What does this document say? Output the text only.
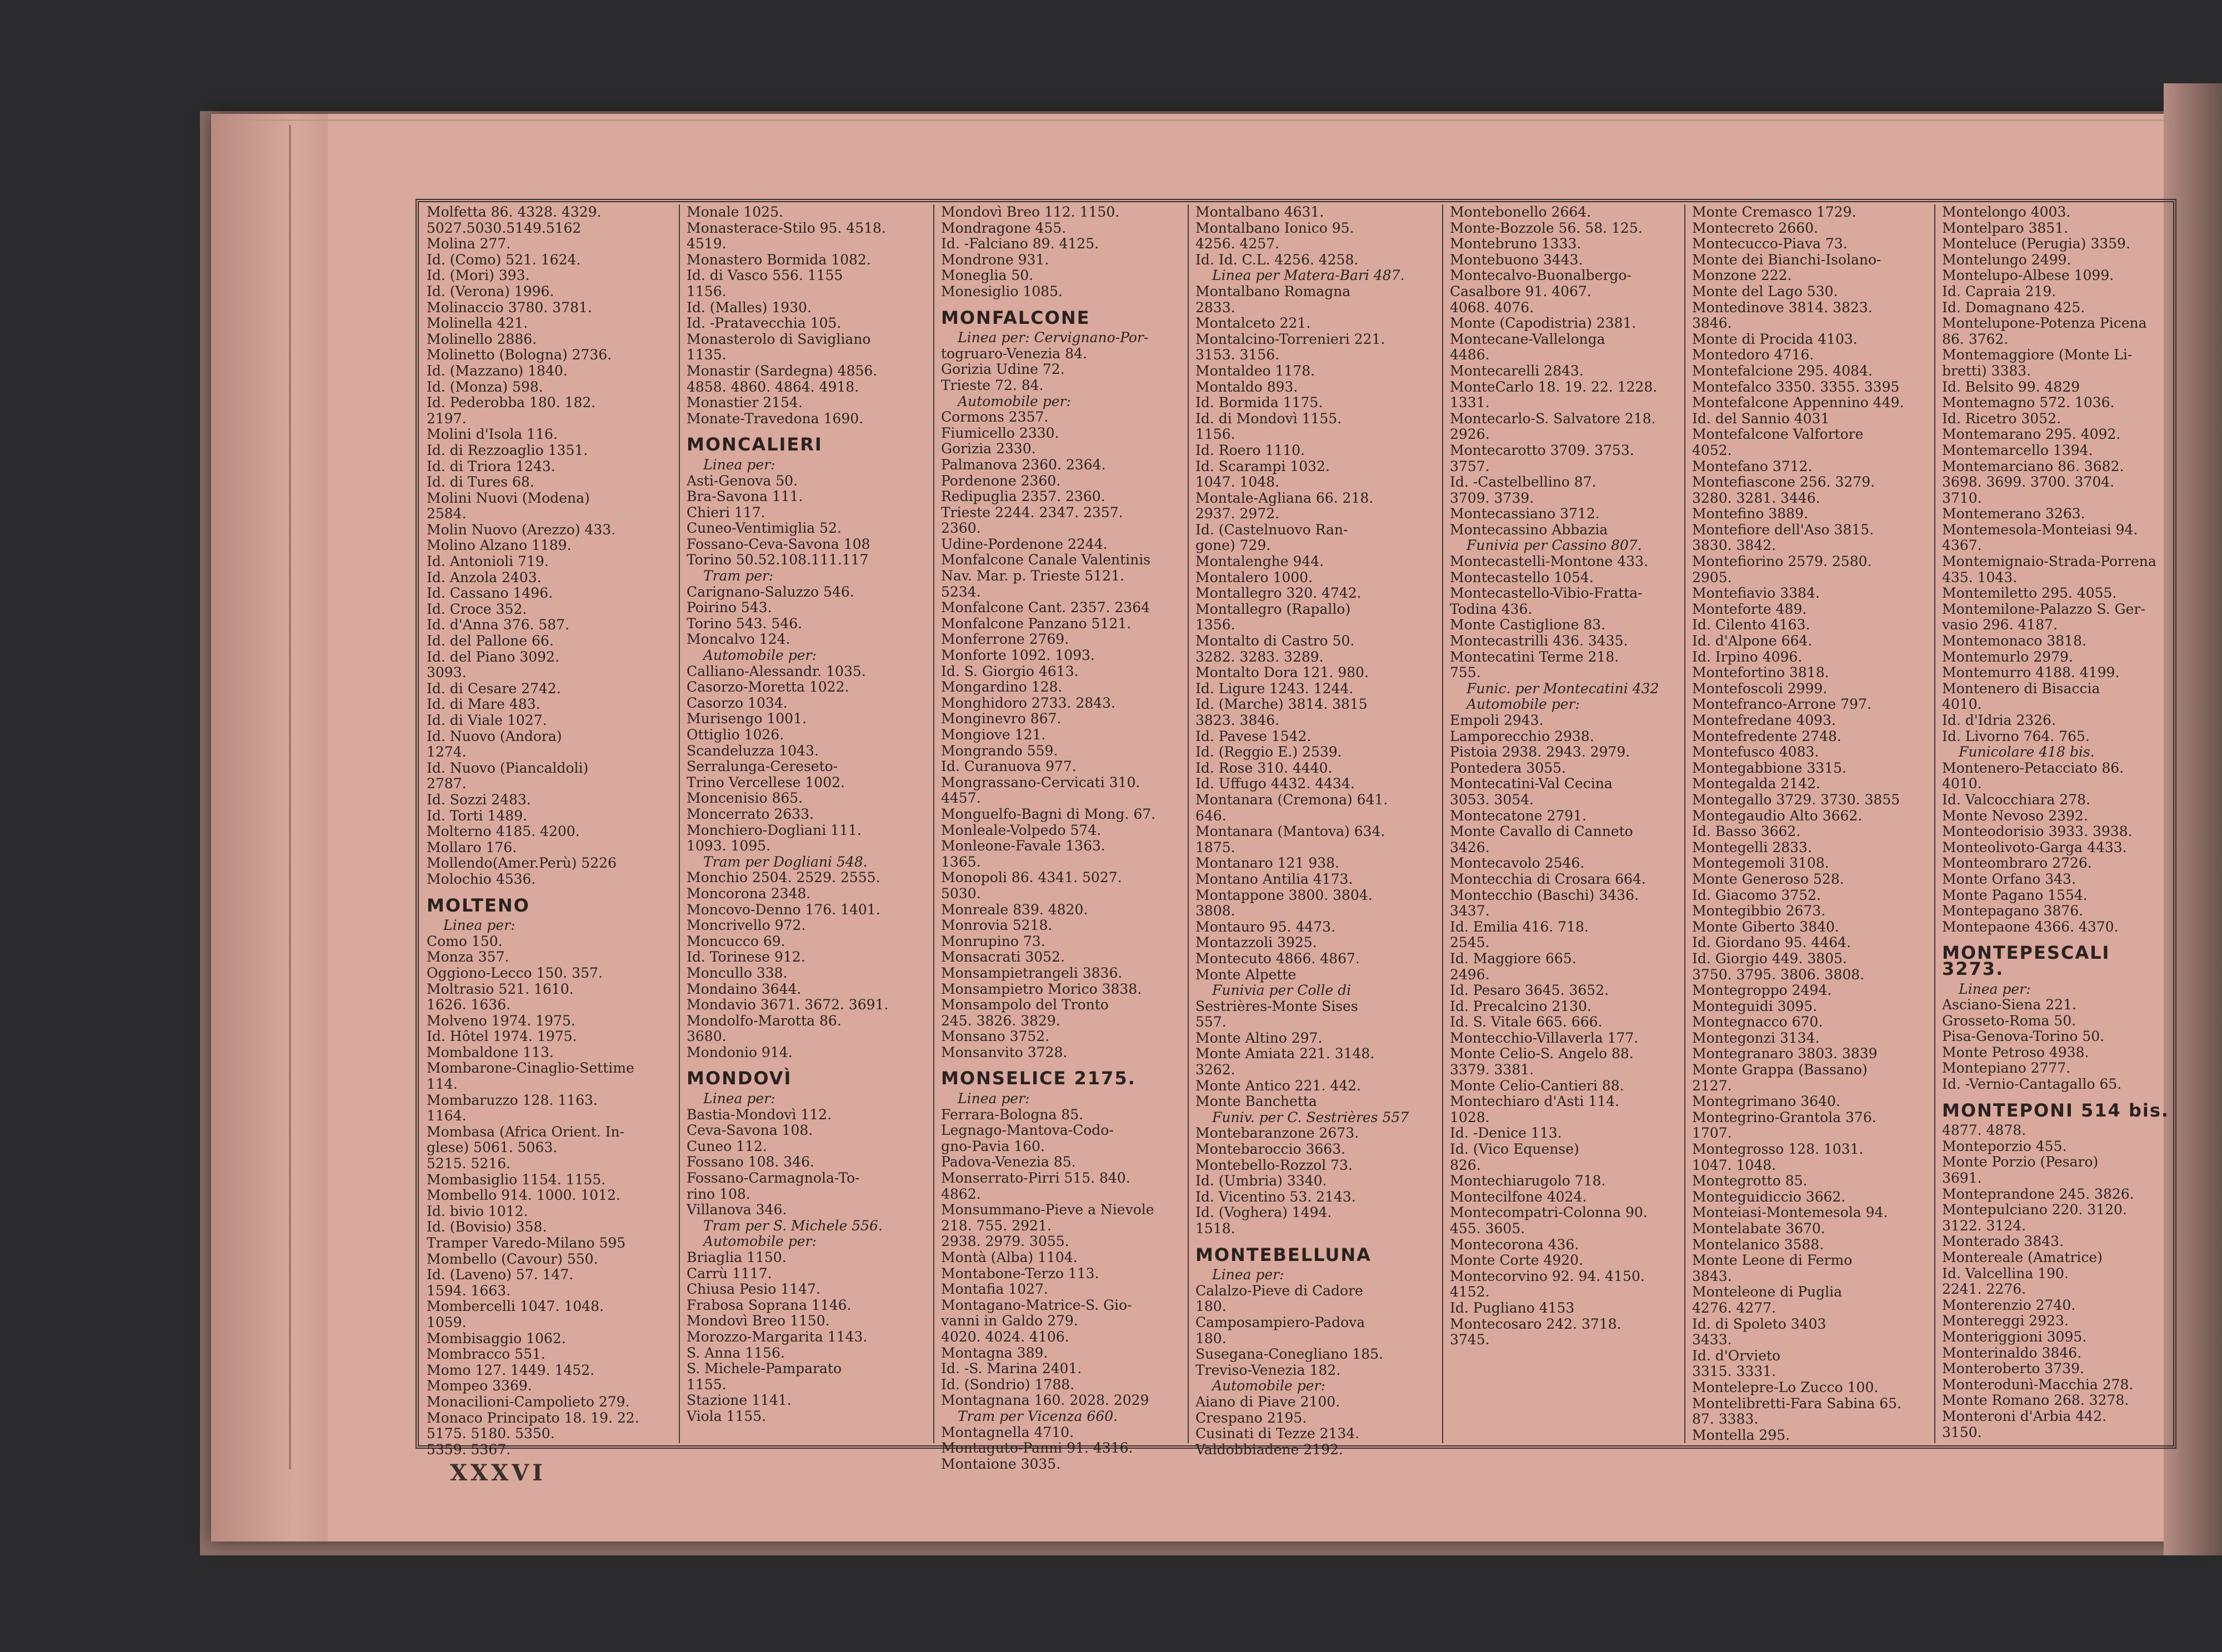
Molfetta 86. 4328. 4329.
5027.5030.5149.5162
Molina 277.
Id. (Como) 521. 1624.
Id. (Mori) 393.
Id. (Verona) 1996.
Molinaccio 3780. 3781.
Molinella 421.
Molinello 2886.
Molinetto (Bologna) 2736.
Id. (Mazzano) 1840.
Id. (Monza) 598.
Id. Pederobba 180. 182.
2197.
Molini d'Isola 116.
Id. di Rezzoaglio 1351.
Id. di Triora 1243.
Id. di Tures 68.
Molini Nuovi (Modena)
2584.
Molin Nuovo (Arezzo) 433.
Molino Alzano 1189.
Id. Antonioli 719.
Id. Anzola 2403.
Id. Cassano 1496.
Id. Croce 352.
Id. d'Anna 376. 587.
Id. del Pallone 66.
Id. del Piano 3092.
3093.
Id. di Cesare 2742.
Id. di Mare 483.
Id. di Viale 1027.
Id. Nuovo (Andora)
1274.
Id. Nuovo (Piancaldoli)
2787.
Id. Sozzi 2483.
Id. Torti 1489.
Molterno 4185. 4200.
Mollaro 176.
Mollendo(Amer.Perù) 5226
Molochio 4536.
MOLTENO
Linea per:
Como 150.
Monza 357.
Oggiono-Lecco 150. 357.
Moltrasio 521. 1610.
1626. 1636.
Molveno 1974. 1975.
Id. Hôtel 1974. 1975.
Mombaldone 113.
Mombarone-Cinaglio-Settime
114.
Mombaruzzo 128. 1163.
1164.
Mombasa (Africa Orient. In-
glese) 5061. 5063.
5215. 5216.
Mombasiglio 1154. 1155.
Mombello 914. 1000. 1012.
Id. bivio 1012.
Id. (Bovisio) 358.
Tramper Varedo-Milano 595
Mombello (Cavour) 550.
Id. (Laveno) 57. 147.
1594. 1663.
Mombercelli 1047. 1048.
1059.
Mombisaggio 1062.
Mombracco 551.
Momo 127. 1449. 1452.
Mompeo 3369.
Monacilioni-Campolieto 279.
Monaco Principato 18. 19. 22.
5175. 5180. 5350.
5359. 5367.
Monale 1025.
Monasterace-Stilo 95. 4518.
4519.
Monastero Bormida 1082.
Id. di Vasco 556. 1155
1156.
Id. (Malles) 1930.
Id. -Pratavecchia 105.
Monasterolo di Savigliano
1135.
Monastir (Sardegna) 4856.
4858. 4860. 4864. 4918.
Monastier 2154.
Monate-Travedona 1690.
MONCALIERI
Linea per:
Asti-Genova 50.
Bra-Savona 111.
Chieri 117.
Cuneo-Ventimiglia 52.
Fossano-Ceva-Savona 108
Torino 50.52.108.111.117
Tram per:
Carignano-Saluzzo 546.
Poirino 543.
Torino 543. 546.
Moncalvo 124.
Automobile per:
Calliano-Alessandr. 1035.
Casorzo-Moretta 1022.
Casorzo 1034.
Murisengo 1001.
Ottiglio 1026.
Scandeluzza 1043.
Serralunga-Cereseto-
Trino Vercellese 1002.
Moncenisio 865.
Moncerrato 2633.
Monchiero-Dogliani 111.
1093. 1095.
Tram per Dogliani 548.
Monchio 2504. 2529. 2555.
Moncorona 2348.
Moncovo-Denno 176. 1401.
Moncrivello 972.
Moncucco 69.
Id. Torinese 912.
Moncullo 338.
Mondaino 3644.
Mondavio 3671. 3672. 3691.
Mondolfo-Marotta 86.
3680.
Mondonio 914.
MONDOVÌ
Linea per:
Bastia-Mondovì 112.
Ceva-Savona 108.
Cuneo 112.
Fossano 108. 346.
Fossano-Carmagnola-To-
rino 108.
Villanova 346.
Tram per S. Michele 556.
Automobile per:
Briaglia 1150.
Carrù 1117.
Chiusa Pesio 1147.
Frabosa Soprana 1146.
Mondovì Breo 1150.
Morozzo-Margarita 1143.
S. Anna 1156.
S. Michele-Pamparato
1155.
Stazione 1141.
Viola 1155.
Mondovì Breo 112. 1150.
Mondragone 455.
Id. -Falciano 89. 4125.
Mondrone 931.
Moneglia 50.
Monesiglio 1085.
MONFALCONE
Linea per: Cervignano-Por-
togruaro-Venezia 84.
Gorizia Udine 72.
Trieste 72. 84.
Automobile per:
Cormons 2357.
Fiumicello 2330.
Gorizia 2330.
Palmanova 2360. 2364.
Pordenone 2360.
Redipuglia 2357. 2360.
Trieste 2244. 2347. 2357.
2360.
Udine-Pordenone 2244.
Monfalcone Canale Valentinis
Nav. Mar. p. Trieste 5121.
5234.
Monfalcone Cant. 2357. 2364
Monfalcone Panzano 5121.
Monferrone 2769.
Monforte 1092. 1093.
Id. S. Giorgio 4613.
Mongardino 128.
Monghidoro 2733. 2843.
Monginevro 867.
Mongiove 121.
Mongrando 559.
Id. Curanuova 977.
Mongrassano-Cervicati 310.
4457.
Monguelfo-Bagni di Mong. 67.
Monleale-Volpedo 574.
Monleone-Favale 1363.
1365.
Monopoli 86. 4341. 5027.
5030.
Monreale 839. 4820.
Monrovia 5218.
Monrupino 73.
Monsacrati 3052.
Monsampietrangeli 3836.
Monsampietro Morico 3838.
Monsampolo del Tronto
245. 3826. 3829.
Monsano 3752.
Monsanvito 3728.
MONSELICE 2175.
Linea per:
Ferrara-Bologna 85.
Legnago-Mantova-Codo-
gno-Pavia 160.
Padova-Venezia 85.
Monserrato-Pirri 515. 840.
4862.
Monsummano-Pieve a Nievole
218. 755. 2921.
2938. 2979. 3055.
Montà (Alba) 1104.
Montabone-Terzo 113.
Montafia 1027.
Montagano-Matrice-S. Gio-
vanni in Galdo 279.
4020. 4024. 4106.
Montagna 389.
Id. -S. Marina 2401.
Id. (Sondrio) 1788.
Montagnana 160. 2028. 2029
Tram per Vicenza 660.
Montagnella 4710.
Montaguto-Panni 91. 4316.
Montaione 3035.
Montalbano 4631.
Montalbano Ionico 95.
4256. 4257.
Id. Id. C.L. 4256. 4258.
Linea per Matera-Bari 487.
Montalbano Romagna
2833.
Montalceto 221.
Montalcino-Torrenieri 221.
3153. 3156.
Montaldeo 1178.
Montaldo 893.
Id. Bormida 1175.
Id. di Mondovì 1155.
1156.
Id. Roero 1110.
Id. Scarampi 1032.
1047. 1048.
Montale-Agliana 66. 218.
2937. 2972.
Id. (Castelnuovo Ran-
gone) 729.
Montalenghe 944.
Montalero 1000.
Montallegro 320. 4742.
Montallegro (Rapallo)
1356.
Montalto di Castro 50.
3282. 3283. 3289.
Montalto Dora 121. 980.
Id. Ligure 1243. 1244.
Id. (Marche) 3814. 3815
3823. 3846.
Id. Pavese 1542.
Id. (Reggio E.) 2539.
Id. Rose 310. 4440.
Id. Uffugo 4432. 4434.
Montanara (Cremona) 641.
646.
Montanara (Mantova) 634.
1875.
Montanaro 121 938.
Montano Antilia 4173.
Montappone 3800. 3804.
3808.
Montauro 95. 4473.
Montazzoli 3925.
Montecuto 4866. 4867.
Monte Alpette
Funivia per Colle di
Sestrières-Monte Sises
557.
Monte Altino 297.
Monte Amiata 221. 3148.
3262.
Monte Antico 221. 442.
Monte Banchetta
Funiv. per C. Sestrières 557
Montebaranzone 2673.
Montebaroccio 3663.
Montebello-Rozzol 73.
Id. (Umbria) 3340.
Id. Vicentino 53. 2143.
Id. (Voghera) 1494.
1518.
MONTEBELLUNA
Linea per:
Calalzo-Pieve di Cadore
180.
Camposampiero-Padova
180.
Susegana-Conegliano 185.
Treviso-Venezia 182.
Automobile per:
Aiano di Piave 2100.
Crespano 2195.
Cusinati di Tezze 2134.
Valdobbiadene 2192.
Montebonello 2664.
Monte-Bozzole 56. 58. 125.
Montebruno 1333.
Montebuono 3443.
Montecalvo-Buonalbergo-
Casalbore 91. 4067.
4068. 4076.
Monte (Capodistria) 2381.
Montecane-Vallelonga
4486.
Montecarelli 2843.
MonteCarlo 18. 19. 22. 1228.
1331.
Montecarlo-S. Salvatore 218.
2926.
Montecarotto 3709. 3753.
3757.
Id. -Castelbellino 87.
3709. 3739.
Montecassiano 3712.
Montecassino Abbazia
Funivia per Cassino 807.
Montecastelli-Montone 433.
Montecastello 1054.
Montecastello-Vibio-Fratta-
Todina 436.
Monte Castiglione 83.
Montecastrilli 436. 3435.
Montecatini Terme 218.
755.
Funic. per Montecatini 432
Automobile per:
Empoli 2943.
Lamporecchio 2938.
Pistoia 2938. 2943. 2979.
Pontedera 3055.
Montecatini-Val Cecina
3053. 3054.
Montecatone 2791.
Monte Cavallo di Canneto
3426.
Montecavolo 2546.
Montecchia di Crosara 664.
Montecchio (Baschi) 3436.
3437.
Id. Emilia 416. 718.
2545.
Id. Maggiore 665.
2496.
Id. Pesaro 3645. 3652.
Id. Precalcino 2130.
Id. S. Vitale 665. 666.
Montecchio-Villaverla 177.
Monte Celio-S. Angelo 88.
3379. 3381.
Monte Celio-Cantieri 88.
Montechiaro d'Asti 114.
1028.
Id. -Denice 113.
Id. (Vico Equense)
826.
Montechiarugolo 718.
Montecilfone 4024.
Montecompatri-Colonna 90.
455. 3605.
Montecorona 436.
Monte Corte 4920.
Montecorvino 92. 94. 4150.
4152.
Id. Pugliano 4153
Montecosaro 242. 3718.
3745.
Monte Cremasco 1729.
Montecreto 2660.
Montecucco-Piava 73.
Monte dei Bianchi-Isolano-
Monzone 222.
Monte del Lago 530.
Montedinove 3814. 3823.
3846.
Monte di Procida 4103.
Montedoro 4716.
Montefalcione 295. 4084.
Montefalco 3350. 3355. 3395
Montefalcone Appennino 449.
Id. del Sannio 4031
Montefalcone Valfortore
4052.
Montefano 3712.
Montefiascone 256. 3279.
3280. 3281. 3446.
Montefino 3889.
Montefiore dell'Aso 3815.
3830. 3842.
Montefiorino 2579. 2580.
2905.
Montefiavio 3384.
Monteforte 489.
Id. Cilento 4163.
Id. d'Alpone 664.
Id. Irpino 4096.
Montefortino 3818.
Montefoscoli 2999.
Montefranco-Arrone 797.
Montefredane 4093.
Montefredente 2748.
Montefusco 4083.
Montegabbione 3315.
Montegalda 2142.
Montegallo 3729. 3730. 3855
Montegaudio Alto 3662.
Id. Basso 3662.
Montegelli 2833.
Montegemoli 3108.
Monte Generoso 528.
Id. Giacomo 3752.
Montegibbio 2673.
Monte Giberto 3840.
Id. Giordano 95. 4464.
Id. Giorgio 449. 3805.
3750. 3795. 3806. 3808.
Montegroppo 2494.
Monteguidi 3095.
Montegnacco 670.
Montegonzi 3134.
Montegranaro 3803. 3839
Monte Grappa (Bassano)
2127.
Montegrimano 3640.
Montegrino-Grantola 376.
1707.
Montegrosso 128. 1031.
1047. 1048.
Montegrotto 85.
Monteguidiccio 3662.
Monteiasi-Montemesola 94.
Montelabate 3670.
Montelanico 3588.
Monte Leone di Fermo
3843.
Monteleone di Puglia
4276. 4277.
Id. di Spoleto 3403
3433.
Id. d'Orvieto
3315. 3331.
Montelepre-Lo Zucco 100.
Montelibretti-Fara Sabina 65.
87. 3383.
Montella 295.
Montelongo 4003.
Montelparo 3851.
Monteluce (Perugia) 3359.
Montelungo 2499.
Montelupo-Albese 1099.
Id. Capraia 219.
Id. Domagnano 425.
Montelupone-Potenza Picena
86. 3762.
Montemaggiore (Monte Li-
bretti) 3383.
Id. Belsito 99. 4829
Montemagno 572. 1036.
Id. Ricetro 3052.
Montemarano 295. 4092.
Montemarcello 1394.
Montemarciano 86. 3682.
3698. 3699. 3700. 3704.
3710.
Montemerano 3263.
Montemesola-Monteiasi 94.
4367.
Montemignaio-Strada-Porrena
435. 1043.
Montemiletto 295. 4055.
Montemilone-Palazzo S. Ger-
vasio 296. 4187.
Montemonaco 3818.
Montemurlo 2979.
Montemurro 4188. 4199.
Montenero di Bisaccia
4010.
Id. d'Idria 2326.
Id. Livorno 764. 765.
Funicolare 418 bis.
Montenero-Petacciato 86.
4010.
Id. Valcocchiara 278.
Monte Nevoso 2392.
Monteodorisio 3933. 3938.
Monteolivoto-Garga 4433.
Monteombraro 2726.
Monte Orfano 343.
Monte Pagano 1554.
Montepagano 3876.
Montepaone 4366. 4370.
MONTEPESCALI 3273.
Linea per:
Asciano-Siena 221.
Grosseto-Roma 50.
Pisa-Genova-Torino 50.
Monte Petroso 4938.
Montepiano 2777.
Id. -Vernio-Cantagallo 65.
MONTEPONI 514 bis.
4877. 4878.
Monteporzio 455.
Monte Porzio (Pesaro)
3691.
Monteprandone 245. 3826.
Montepulciano 220. 3120.
3122. 3124.
Monterado 3843.
Montereale (Amatrice)
Id. Valcellina 190.
2241. 2276.
Monterenzio 2740.
Montereggi 2923.
Monteriggioni 3095.
Monterinaldo 3846.
Monteroberto 3739.
Monterodunì-Macchia 278.
Monte Romano 268. 3278.
Monteroni d'Arbia 442.
3150.
XXXVI
